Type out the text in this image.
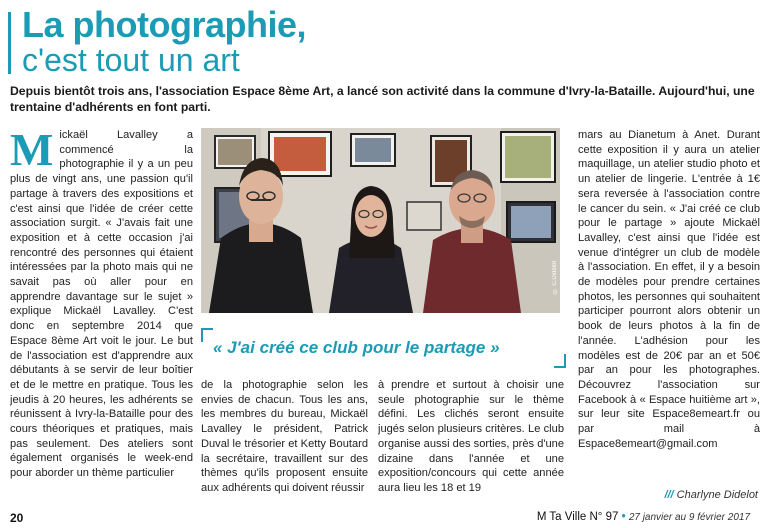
La photographie,
c'est tout un art

Depuis bientôt trois ans, l'association Espace 8ème Art, a lancé son activité dans la commune d'Ivry-la-Bataille. Aujourd'hui, une trentaine d'adhérents en font parti.

Mickaël Lavalley a commencé la photographie il y a un peu plus de vingt ans, une passion qu'il partage à travers des expositions et c'est ainsi que l'idée de créer cette association surgit. « J'avais fait une exposition et à cette occasion j'ai rencontré des personnes qui étaient intéressées par la photo mais qui ne savait pas où aller pour en apprendre davantage sur le sujet » explique Mickaël Lavalley. C'est donc en septembre 2014 que Espace 8ème Art voit le jour. Le but de l'association est d'apprendre aux débutants à se servir de leur boîtier et de le mettre en pratique. Tous les jeudis à 20 heures, les adhérents se réunissent à Ivry-la-Bataille pour des cours théoriques et pratiques, mais pas seulement. Des ateliers sont également organisés le week-end pour aborder un thème particulier
© C.Didelot
« J'ai créé ce club pour le partage »
de la photographie selon les envies de chacun. Tous les ans, les membres du bureau, Mickaël Lavalley le président, Patrick Duval le trésorier et Ketty Boutard la secrétaire, travaillent sur des thèmes qu'ils proposent ensuite aux adhérents qui doivent réussir
à prendre et surtout à choisir une seule photographie sur le thème défini. Les clichés seront ensuite jugés selon plusieurs critères. Le club organise aussi des sorties, près d'une dizaine dans l'année et une exposition/concours qui cette année aura lieu les 18 et 19
mars au Dianetum à Anet. Durant cette exposition il y aura un atelier maquillage, un atelier studio photo et un atelier de lingerie. L'entrée à 1€ sera reversée à l'association contre le cancer du sein. « J'ai créé ce club pour le partage » ajoute Mickaël Lavalley, c'est ainsi que l'idée est venue d'intégrer un club de modèle à l'association. En effet, il y a besoin de modèles pour prendre certaines photos, les personnes qui souhaitent participer pourront alors obtenir un book de leurs photos à la fin de l'année. L'adhésion pour les modèles est de 20€ par an et 50€ par an pour les photographes. Découvrez l'association sur Facebook à « Espace huitième art », sur leur site Espace8emeart.fr ou par mail à Espace8emeart@gmail.com
/// Charlyne Didelot
20	M Ta Ville N° 97 • 27 janvier au 9 février 2017
